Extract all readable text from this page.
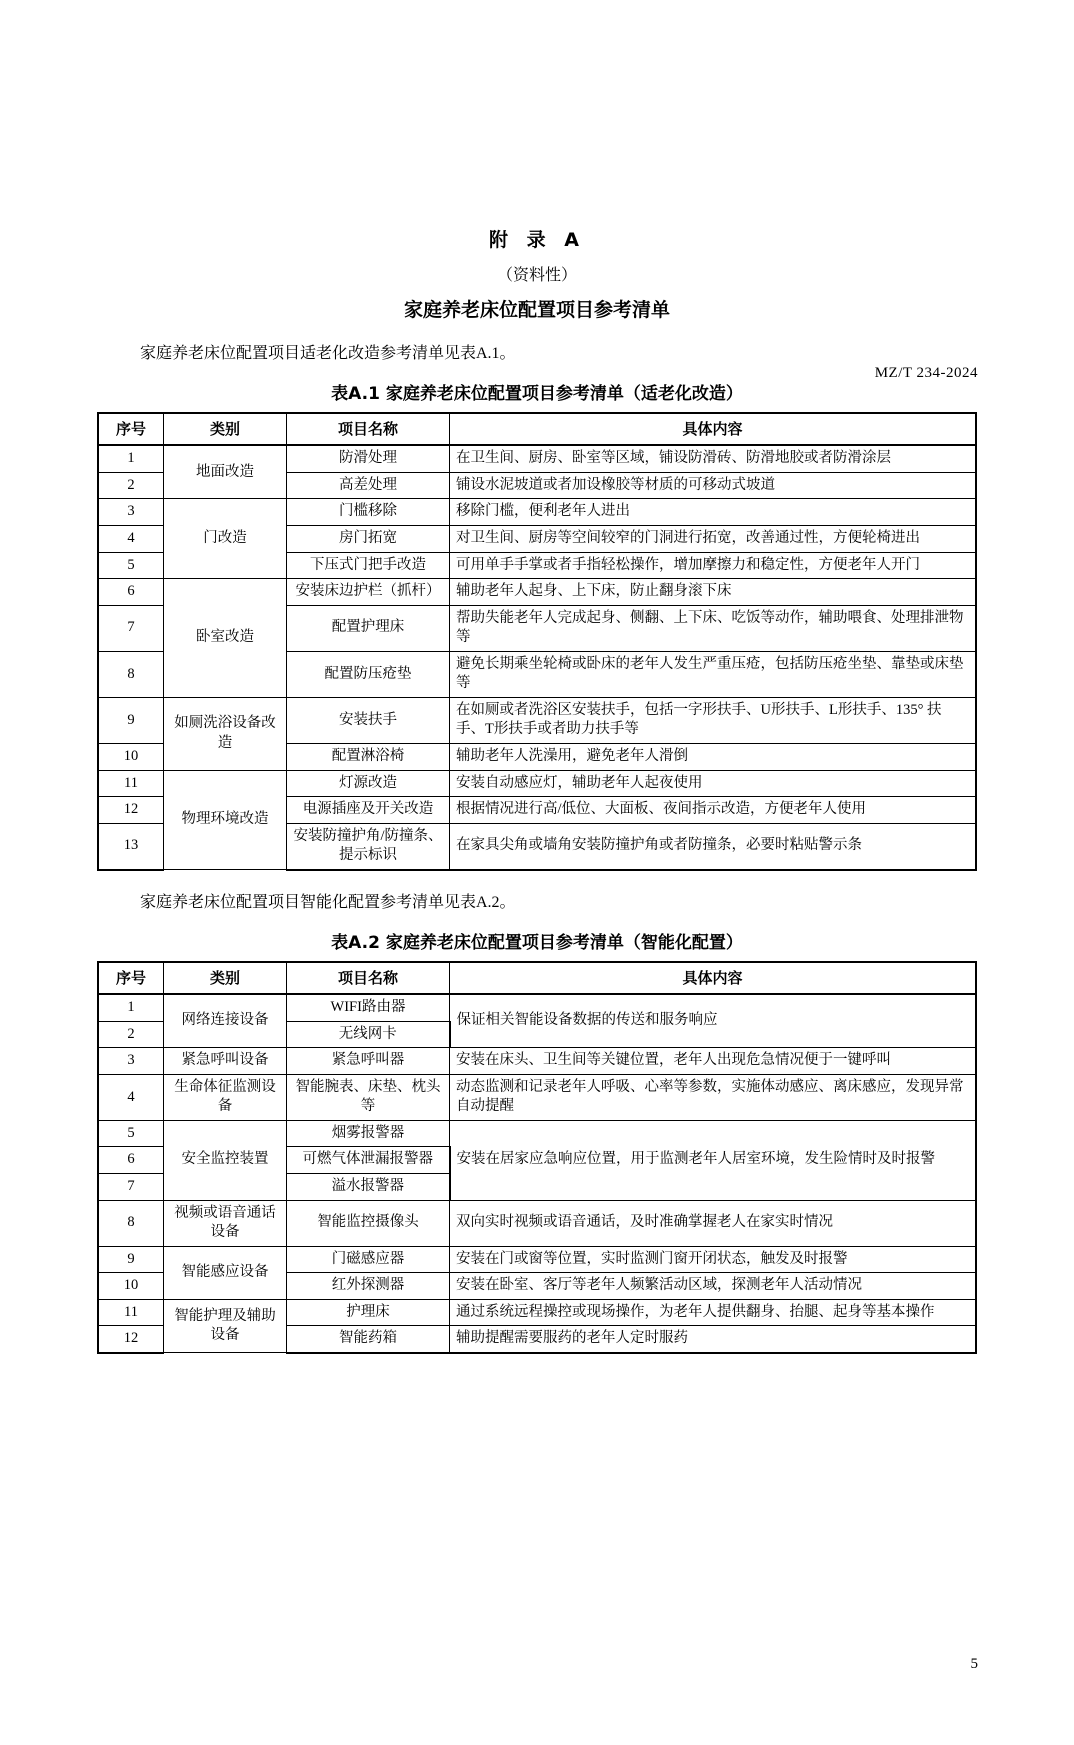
MZ/T 234-2024
附 录 A
（资料性）
家庭养老床位配置项目参考清单

家庭养老床位配置项目适老化改造参考清单见表A.1。

表A.1 家庭养老床位配置项目参考清单（适老化改造）
序号	类别	项目名称	具体内容
1	地面改造	防滑处理	在卫生间、厨房、卧室等区域，铺设防滑砖、防滑地胶或者防滑涂层
2		高差处理	铺设水泥坡道或者加设橡胶等材质的可移动式坡道
3	门改造	门槛移除	移除门槛，便利老年人进出
4		房门拓宽	对卫生间、厨房等空间较窄的门洞进行拓宽，改善通过性，方便轮椅进出
5		下压式门把手改造	可用单手手掌或者手指轻松操作，增加摩擦力和稳定性，方便老年人开门
6	卧室改造	安装床边护栏（抓杆）	辅助老年人起身、上下床，防止翻身滚下床
7		配置护理床	帮助失能老年人完成起身、侧翻、上下床、吃饭等动作，辅助喂食、处理排泄物等
8		配置防压疮垫	避免长期乘坐轮椅或卧床的老年人发生严重压疮，包括防压疮坐垫、靠垫或床垫等
9	如厕洗浴设备改造	安装扶手	在如厕或者洗浴区安装扶手，包括一字形扶手、U形扶手、L形扶手、135° 扶手、T形扶手或者助力扶手等
10		配置淋浴椅	辅助老年人洗澡用，避免老年人滑倒
11	物理环境改造	灯源改造	安装自动感应灯，辅助老年人起夜使用
12		电源插座及开关改造	根据情况进行高/低位、大面板、夜间指示改造，方便老年人使用
13		安装防撞护角/防撞条、提示标识	在家具尖角或墙角安装防撞护角或者防撞条，必要时粘贴警示条

家庭养老床位配置项目智能化配置参考清单见表A.2。

表A.2 家庭养老床位配置项目参考清单（智能化配置）
序号	类别	项目名称	具体内容
1	网络连接设备	WIFI路由器	保证相关智能设备数据的传送和服务响应
2		无线网卡	
3	紧急呼叫设备	紧急呼叫器	安装在床头、卫生间等关键位置，老年人出现危急情况便于一键呼叫
4	生命体征监测设备	智能腕表、床垫、枕头等	动态监测和记录老年人呼吸、心率等参数，实施体动感应、离床感应，发现异常自动提醒
5	安全监控装置	烟雾报警器	安装在居家应急响应位置，用于监测老年人居室环境，发生险情时及时报警
6		可燃气体泄漏报警器	
7		溢水报警器	
8	视频或语音通话设备	智能监控摄像头	双向实时视频或语音通话，及时准确掌握老人在家实时情况
9	智能感应设备	门磁感应器	安装在门或窗等位置，实时监测门窗开闭状态，触发及时报警
10		红外探测器	安装在卧室、客厅等老年人频繁活动区域，探测老年人活动情况
11	智能护理及辅助设备	护理床	通过系统远程操控或现场操作，为老年人提供翻身、抬腿、起身等基本操作
12		智能药箱	辅助提醒需要服药的老年人定时服药
5
